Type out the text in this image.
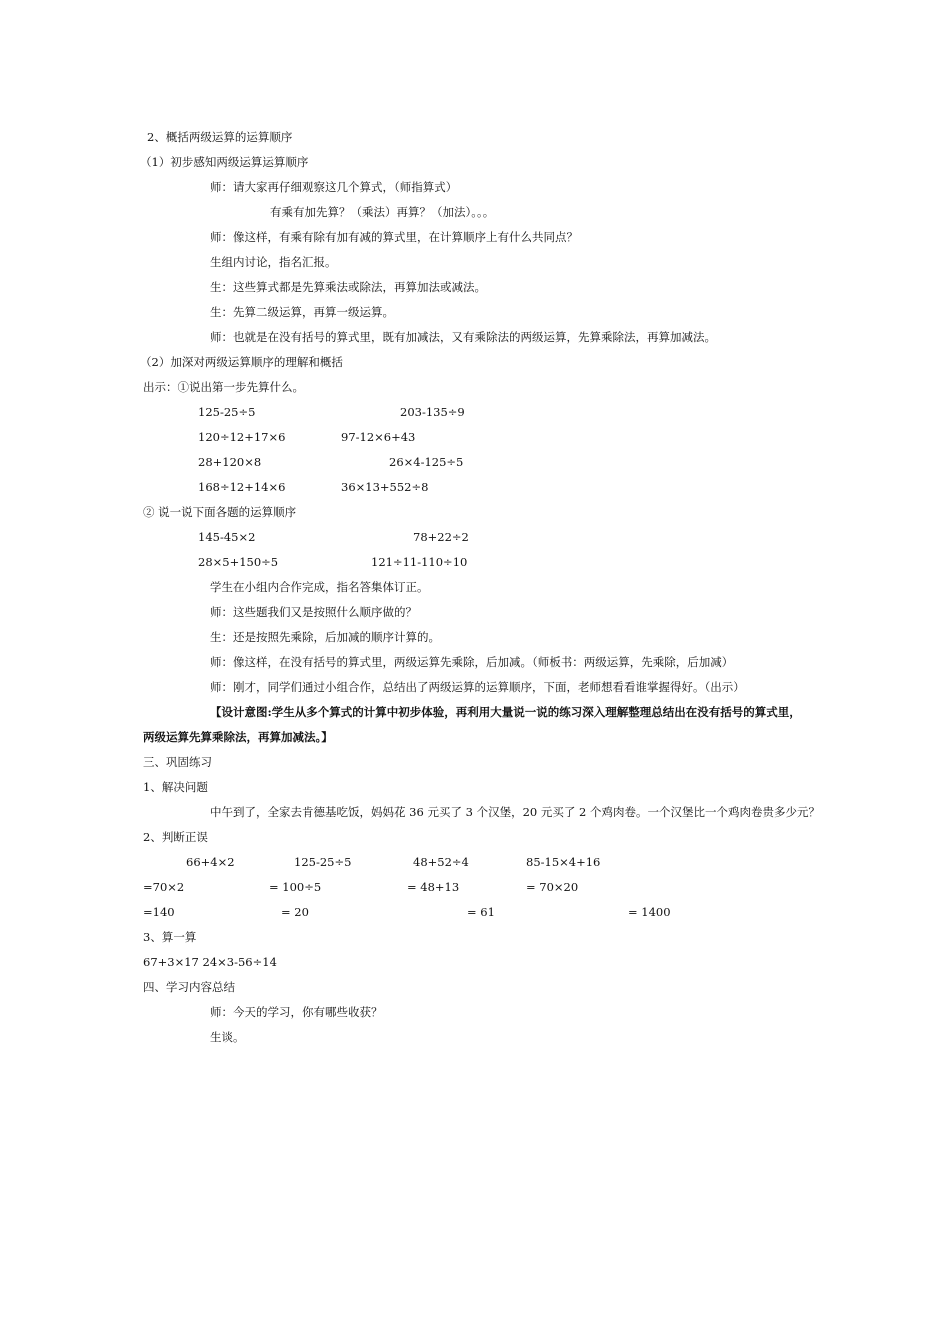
2、概括两级运算的运算顺序
（1）初步感知两级运算运算顺序
师：请大家再仔细观察这几个算式，（师指算式）
有乘有加先算？（乘法）再算？（加法）。。。
师：像这样，有乘有除有加有减的算式里，在计算顺序上有什么共同点？
生组内讨论，指名汇报。
生：这些算式都是先算乘法或除法，再算加法或减法。
生：先算二级运算，再算一级运算。
师：也就是在没有括号的算式里，既有加减法，又有乘除法的两级运算，先算乘除法，再算加减法。
（2）加深对两级运算顺序的理解和概括
出示：①说出第一步先算什么。
125-25÷5	203-135÷9
120÷12+17×6	97-12×6+43
28+120×8	26×4-125÷5
168÷12+14×6	36×13+552÷8
② 说一说下面各题的运算顺序
145-45×2	78+22÷2
28×5+150÷5	121÷11-110÷10
学生在小组内合作完成，指名答集体订正。
师：这些题我们又是按照什么顺序做的？
生：还是按照先乘除，后加减的顺序计算的。
师：像这样，在没有括号的算式里，两级运算先乘除，后加减。（师板书：两级运算，先乘除，后加减）
师：刚才，同学们通过小组合作，总结出了两级运算的运算顺序，下面，老师想看看谁掌握得好。（出示）
【设计意图:学生从多个算式的计算中初步体验，再利用大量说一说的练习深入理解整理总结出在没有括号的算式里，
两级运算先算乘除法，再算加减法。】
三、巩固练习
1、解决问题
中午到了，全家去肯德基吃饭，妈妈花 36 元买了 3 个汉堡，20 元买了 2 个鸡肉卷。一个汉堡比一个鸡肉卷贵多少元？
2、判断正误
66+4×2	125-25÷5	48+52÷4	85-15×4+16
=70×2	= 100÷5	= 48+13	= 70×20
=140	= 20	= 61	= 1400
3、算一算
67+3×17 24×3-56÷14
四、学习内容总结
师：今天的学习，你有哪些收获？
生谈。
